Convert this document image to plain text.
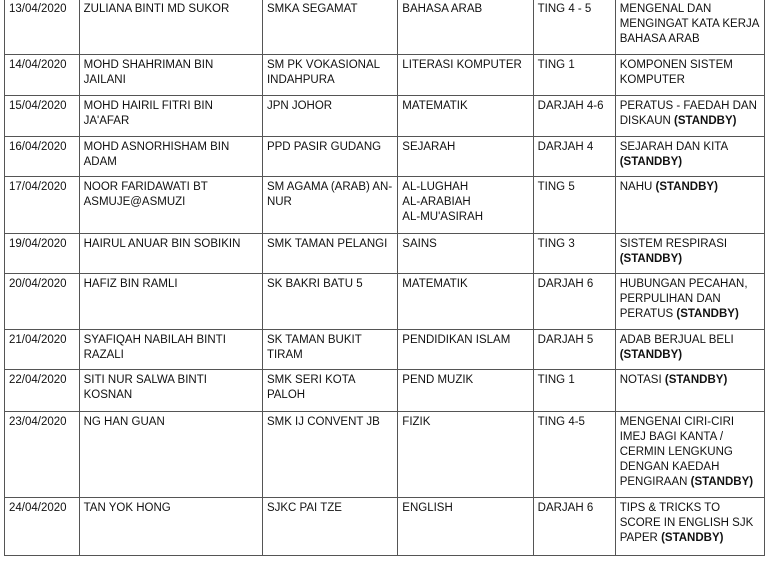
13/04/2020	ZULIANA BINTI MD SUKOR	SMKA SEGAMAT	BAHASA ARAB	TING 4 - 5	MENGENAL DAN MENGINGAT KATA KERJA BAHASA ARAB

14/04/2020	MOHD SHAHRIMAN BIN JAILANI	SM PK VOKASIONAL INDAHPURA	LITERASI KOMPUTER	TING 1	KOMPONEN SISTEM KOMPUTER

15/04/2020	MOHD HAIRIL FITRI BIN JA'AFAR	JPN JOHOR	MATEMATIK	DARJAH 4-6	PERATUS - FAEDAH DAN DISKAUN (STANDBY)

16/04/2020	MOHD ASNORHISHAM BIN ADAM	PPD PASIR GUDANG	SEJARAH	DARJAH 4	SEJARAH DAN KITA (STANDBY)

17/04/2020	NOOR FARIDAWATI BT ASMUJE@ASMUZI	SM AGAMA (ARAB) AN-NUR	AL-LUGHAH
AL-ARABIAH
AL-MU'ASIRAH	TING 5	NAHU (STANDBY)

19/04/2020	HAIRUL ANUAR BIN SOBIKIN	SMK TAMAN PELANGI	SAINS	TING 3	SISTEM RESPIRASI (STANDBY)

20/04/2020	HAFIZ BIN RAMLI	SK BAKRI BATU 5	MATEMATIK	DARJAH 6	HUBUNGAN PECAHAN, PERPULIHAN DAN PERATUS (STANDBY)

21/04/2020	SYAFIQAH NABILAH BINTI RAZALI	SK TAMAN BUKIT TIRAM	PENDIDIKAN ISLAM	DARJAH 5	ADAB BERJUAL BELI (STANDBY)

22/04/2020	SITI NUR SALWA BINTI KOSNAN	SMK SERI KOTA PALOH	PEND MUZIK	TING 1	NOTASI (STANDBY)

23/04/2020	NG HAN GUAN	SMK IJ CONVENT JB	FIZIK	TING 4-5	MENGENAI CIRI-CIRI IMEJ BAGI KANTA / CERMIN LENGKUNG DENGAN KAEDAH PENGIRAAN (STANDBY)

24/04/2020	TAN YOK HONG	SJKC PAI TZE	ENGLISH	DARJAH 6	TIPS & TRICKS TO SCORE IN ENGLISH SJK PAPER (STANDBY)
